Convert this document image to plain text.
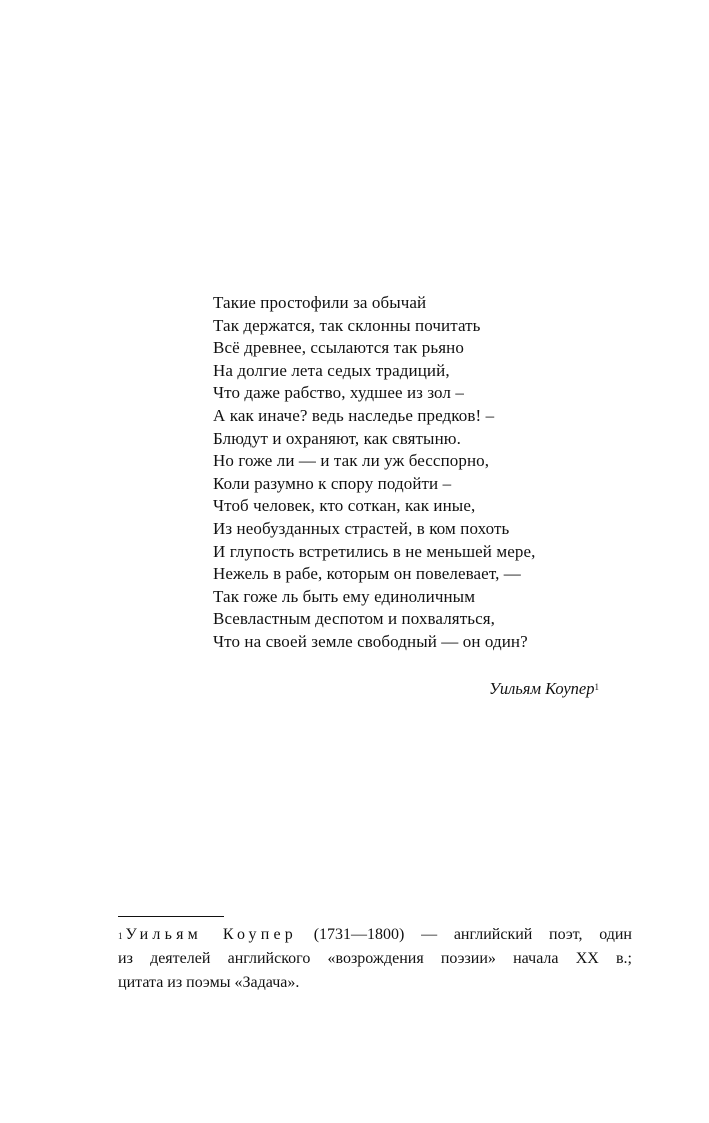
Такие простофили за обычай
Так держатся, так склонны почитать
Всё древнее, ссылаются так рьяно
На долгие лета седых традиций,
Что даже рабство, худшее из зол –
А как иначе? ведь наследье предков! –
Блюдут и охраняют, как святыню.
Но гоже ли — и так ли уж бесспорно,
Коли разумно к спору подойти –
Чтоб человек, кто соткан, как иные,
Из необузданных страстей, в ком похоть
И глупость встретились в не меньшей мере,
Нежель в рабе, которым он повелевает, —
Так гоже ль быть ему единоличным
Всевластным деспотом и похваляться,
Что на своей земле свободный — он один?
Уильям Коупер$^1$
$^1$ Уильям Коупер (1731—1800) — английский поэт, один
из деятелей английского «возрождения поэзии» начала XX в.;
цитата из поэмы «Задача».
